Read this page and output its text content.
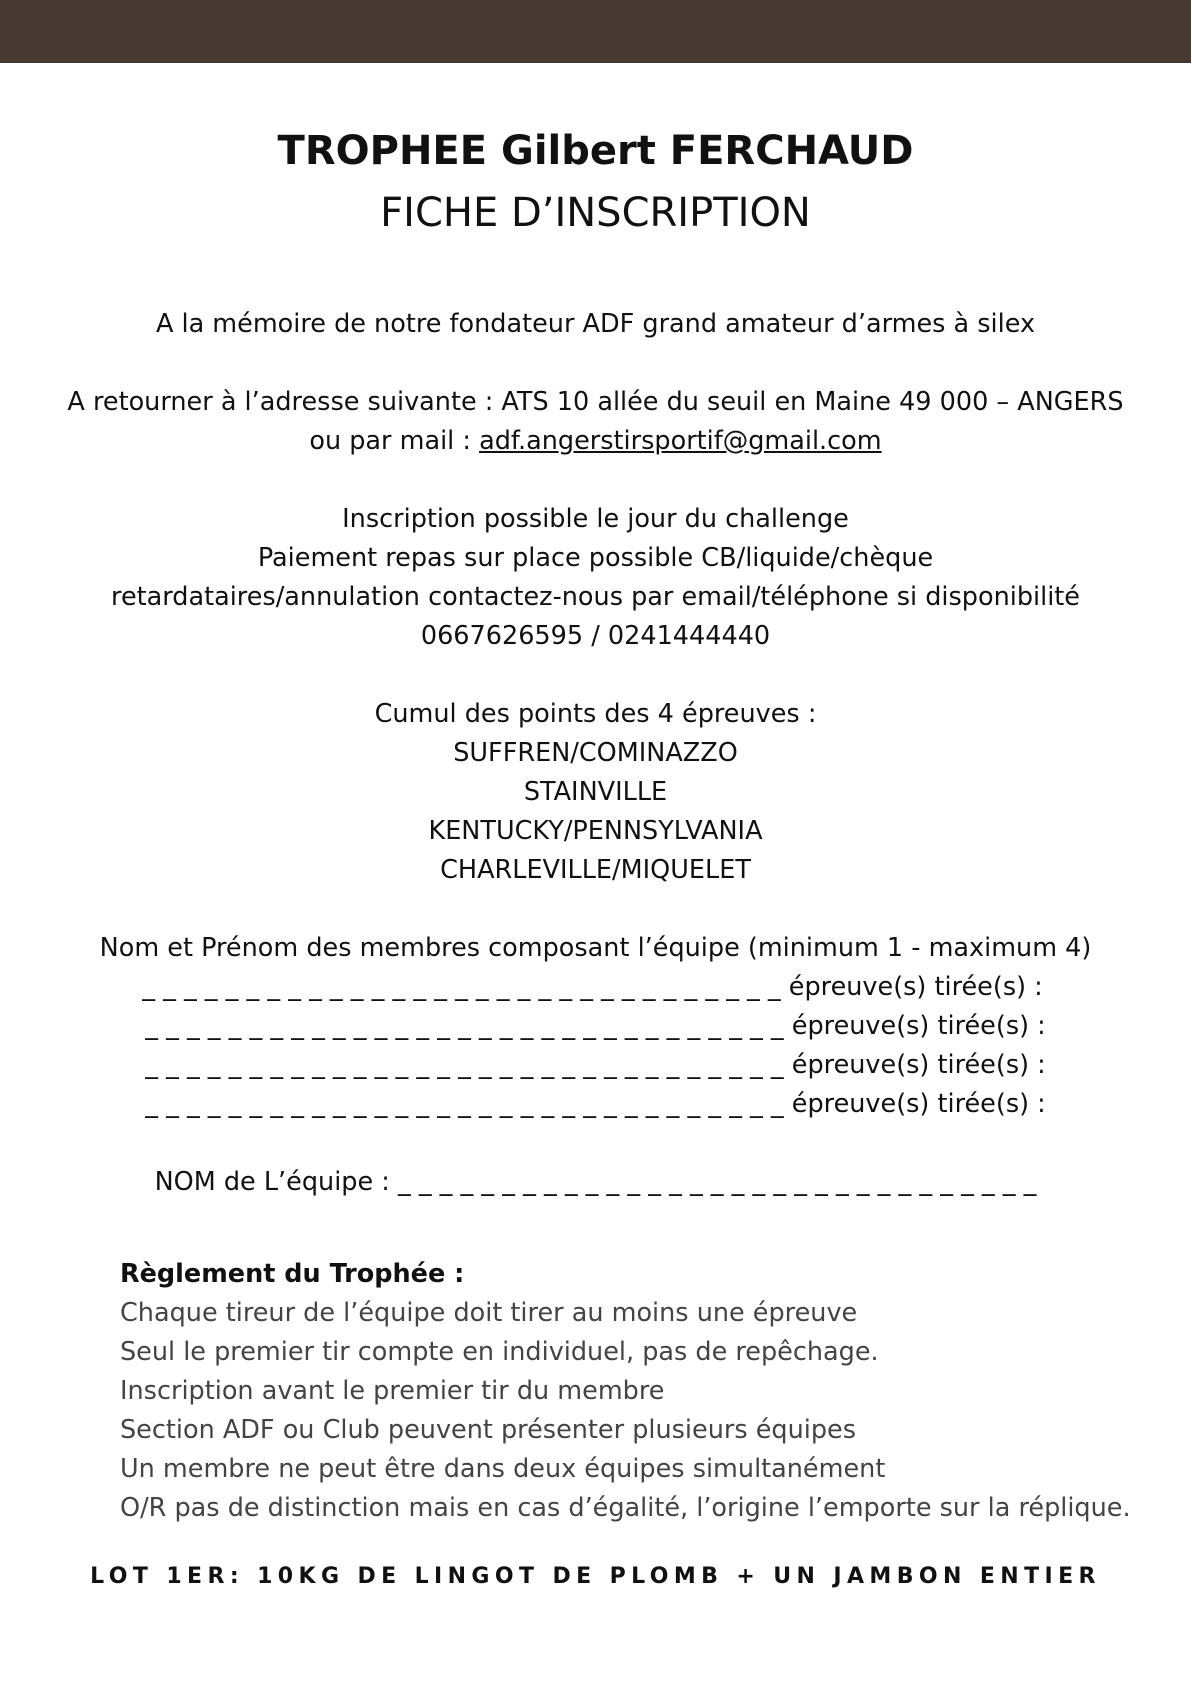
TROPHEE Gilbert FERCHAUD
FICHE D’INSCRIPTION
A la mémoire de notre fondateur ADF grand amateur d’armes à silex
A retourner à l’adresse suivante : ATS 10 allée du seuil en Maine 49 000 – ANGERS
ou par mail : adf.angerstirsportif@gmail.com
Inscription possible le jour du challenge
Paiement repas sur place possible CB/liquide/chèque
retardataires/annulation contactez-nous par email/téléphone si disponibilité
0667626595 / 0241444440
Cumul des points des 4 épreuves :
SUFFREN/COMINAZZO
STAINVILLE
KENTUCKY/PENNSYLVANIA
CHARLEVILLE/MIQUELET
Nom et Prénom des membres composant l’équipe (minimum 1 - maximum 4)
_ _ _ _ _ _ _ _ _ _ _ _ _ _ _ _ _ _ _ _ _ _ _ _ _ _ _ _ _ _ _ épreuve(s) tirée(s) :
_ _ _ _ _ _ _ _ _ _ _ _ _ _ _ _ _ _ _ _ _ _ _ _ _ _ _ _ _ _ _ épreuve(s) tirée(s) :
_ _ _ _ _ _ _ _ _ _ _ _ _ _ _ _ _ _ _ _ _ _ _ _ _ _ _ _ _ _ _ épreuve(s) tirée(s) :
_ _ _ _ _ _ _ _ _ _ _ _ _ _ _ _ _ _ _ _ _ _ _ _ _ _ _ _ _ _ _ épreuve(s) tirée(s) :
NOM de L’équipe : _ _ _ _ _ _ _ _ _ _ _ _ _ _ _ _ _ _ _ _ _ _ _ _ _ _ _ _ _ _ _
Règlement du Trophée :
Chaque tireur de l’équipe doit tirer au moins une épreuve
Seul le premier tir compte en individuel, pas de repêchage.
Inscription avant le premier tir du membre
Section ADF ou Club peuvent présenter plusieurs équipes
Un membre ne peut être dans deux équipes simultanément
O/R pas de distinction mais en cas d’égalité, l’origine l’emporte sur la réplique.
LOT 1ER: 10KG DE LINGOT DE PLOMB + UN JAMBON ENTIER
